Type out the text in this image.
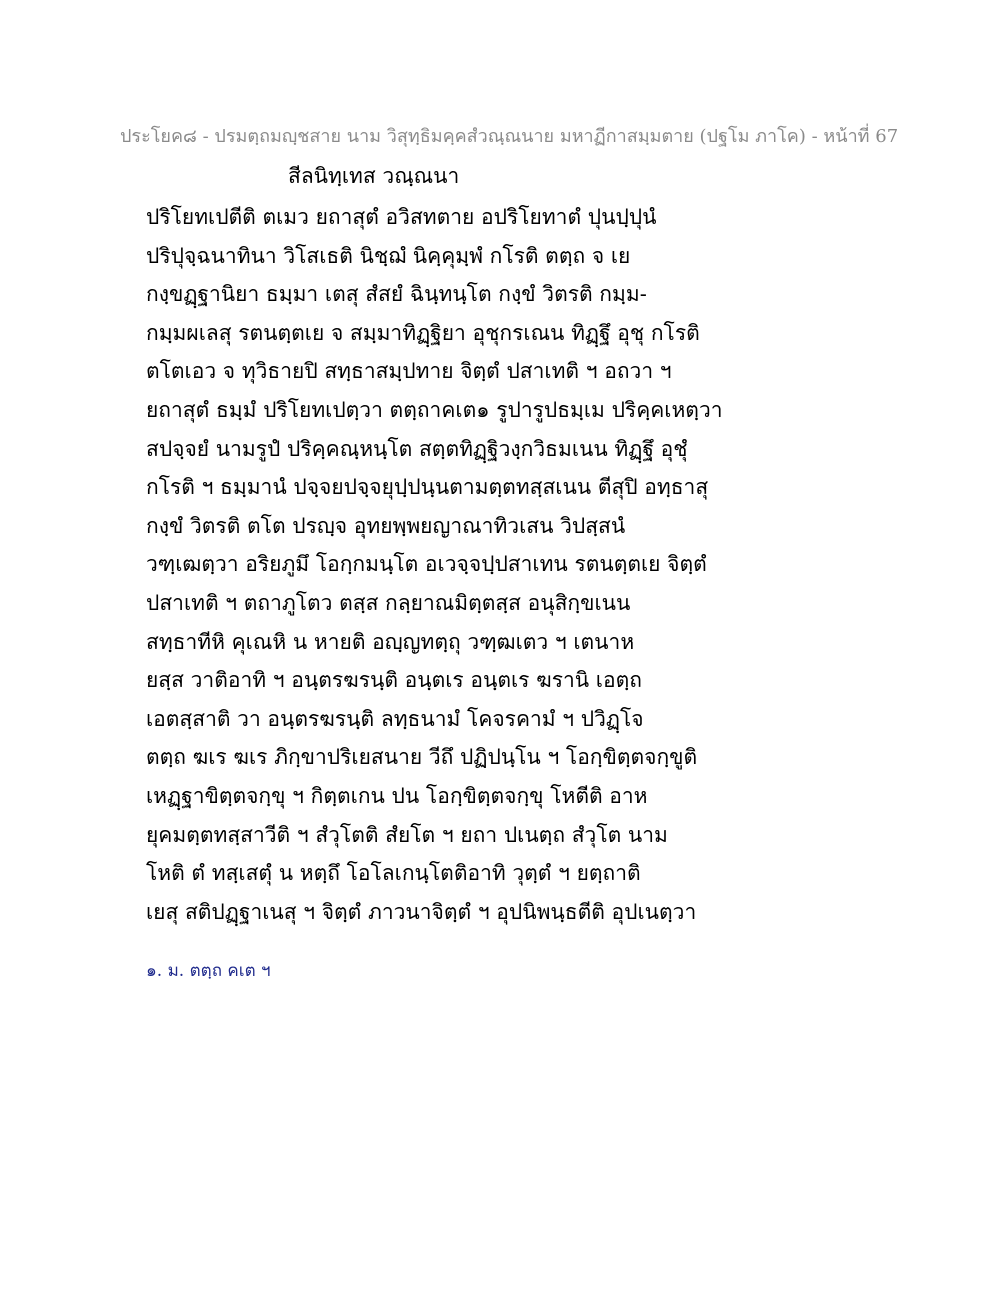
ประโยค๘ - ปรมตฺถมญฺชสาย นาม วิสุทฺธิมคฺคสํวณฺณนาย มหาฏีกาสมฺมตาย (ปฐโม ภาโค) - หน้าที่ 67
สีลนิทฺเทส วณฺณนา
ปริโยทเปตีติ ตเมว ยถาสุตํ อวิสทตาย อปริโยทาตํ ปุนปฺปุนํ
ปริปุจฺฉนาทินา วิโสเธติ นิชฺฌํ นิคฺคุมฺพํ กโรติ ตตฺถ จ เย
กงฺขฏฺฐานิยา ธมฺมา เตสุ สํสยํ ฉินฺทนฺโต กงฺขํ วิตรติ กมฺม-
กมฺมผเลสุ รตนตฺตเย จ สมฺมาทิฏฺฐิยา อุชุกรเณน ทิฏฺฐึ อุชุ กโรติ
ตโตเอว จ ทุวิธายปิ สทฺธาสมฺปทาย จิตฺตํ ปสาเทติ ฯ อถวา ฯ
ยถาสุตํ ธมฺมํ ปริโยทเปตฺวา ตตฺถาคเต๑ รูปารูปธมฺเม ปริคฺคเหตฺวา
สปจฺจยํ นามรูปํ ปริคฺคณฺหนฺโต สตฺตทิฏฺฐิวงฺกวิธมเนน ทิฏฺฐึ อุชุํ
กโรติ ฯ ธมฺมานํ ปจฺจยปจฺจยุปฺปนฺนตามตฺตทสฺสเนน ตีสุปิ อทฺธาสุ
กงฺขํ วิตรติ ตโต ปรญฺจ อุทยพฺพยญาณาทิวเสน วิปสฺสนํ
วฑฺเฒตฺวา อริยภูมึ โอกฺกมนฺโต อเวจฺจปฺปสาเทน รตนตฺตเย จิตฺตํ
ปสาเทติ ฯ ตถาภูโตว ตสฺส กลฺยาณมิตฺตสฺส อนุสิกฺขเนน
สทฺธาทีหิ คุเณหิ น หายติ อญฺญทตฺถุ วฑฺฒเตว ฯ เตนาห
ยสฺส วาติอาทิ ฯ อนฺตรฆรนฺติ อนฺตเร อนฺตเร ฆรานิ เอตฺถ
เอตสฺสาติ วา อนฺตรฆรนฺติ ลทฺธนามํ โคจรคามํ ฯ ปวิฏฺโจ
ตตฺถ ฆเร ฆเร ภิกฺขาปริเยสนาย วีถึ ปฏิปนฺโน ฯ โอกฺขิตฺตจกฺขูติ
เหฏฺฐาขิตฺตจกฺขุ ฯ กิตฺตเกน ปน โอกฺขิตฺตจกฺขุ โหตีติ อาห
ยุคมตฺตทสฺสาวีติ ฯ สํวุโตติ สํยโต ฯ ยถา ปเนตฺถ สํวุโต นาม
โหติ ตํ ทสฺเสตุํ น หตฺถึ โอโลเกนฺโตติอาทิ วุตฺตํ ฯ ยตฺถาติ
เยสุ สติปฏฺฐาเนสุ ฯ จิตฺตํ ภาวนาจิตฺตํ ฯ อุปนิพนฺธตีติ อุปเนตฺวา
๑. ม. ตตฺถ คเต ฯ
